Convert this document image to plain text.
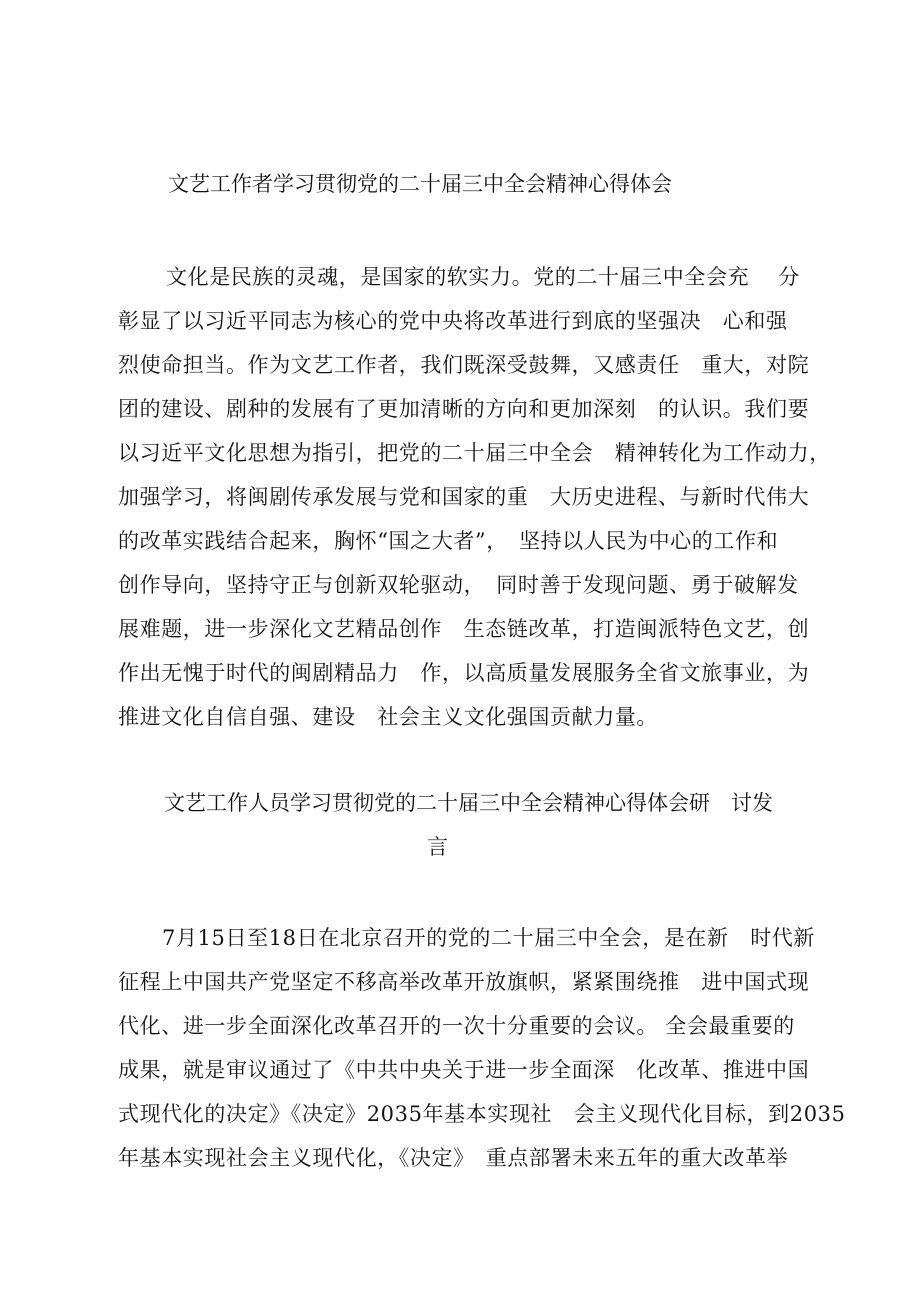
文艺工作者学习贯彻党的二十届三中全会精神心得体会
文化是民族的灵魂，是国家的软实力。党的二十届三中全会充　 分
彰显了以习近平同志为核心的党中央将改革进行到底的坚强决　心和强
烈使命担当。作为文艺工作者，我们既深受鼓舞，又感责任　重大，对院
团的建设、剧种的发展有了更加清晰的方向和更加深刻　的认识。我们要
以习近平文化思想为指引，把党的二十届三中全会　精神转化为工作动力，
加强学习，将闽剧传承发展与党和国家的重　大历史进程、与新时代伟大
的改革实践结合起来，胸怀“国之大者”，　坚持以人民为中心的工作和
创作导向，坚持守正与创新双轮驱动，　同时善于发现问题、勇于破解发
展难题，进一步深化文艺精品创作　生态链改革，打造闽派特色文艺，创
作出无愧于时代的闽剧精品力　作，以高质量发展服务全省文旅事业，为
推进文化自信自强、建设　社会主义文化强国贡献力量。
文艺工作人员学习贯彻党的二十届三中全会精神心得体会研　讨发
言
7月15日至18日在北京召开的党的二十届三中全会，是在新　时代新
征程上中国共产党坚定不移高举改革开放旗帜，紧紧围绕推　进中国式现
代化、进一步全面深化改革召开的一次十分重要的会议。 全会最重要的
成果，就是审议通过了《中共中央关于进一步全面深　化改革、推进中国
式现代化的决定》《决定》2035年基本实现社　会主义现代化目标，到2035
年基本实现社会主义现代化，《决定》　重点部署未来五年的重大改革举
